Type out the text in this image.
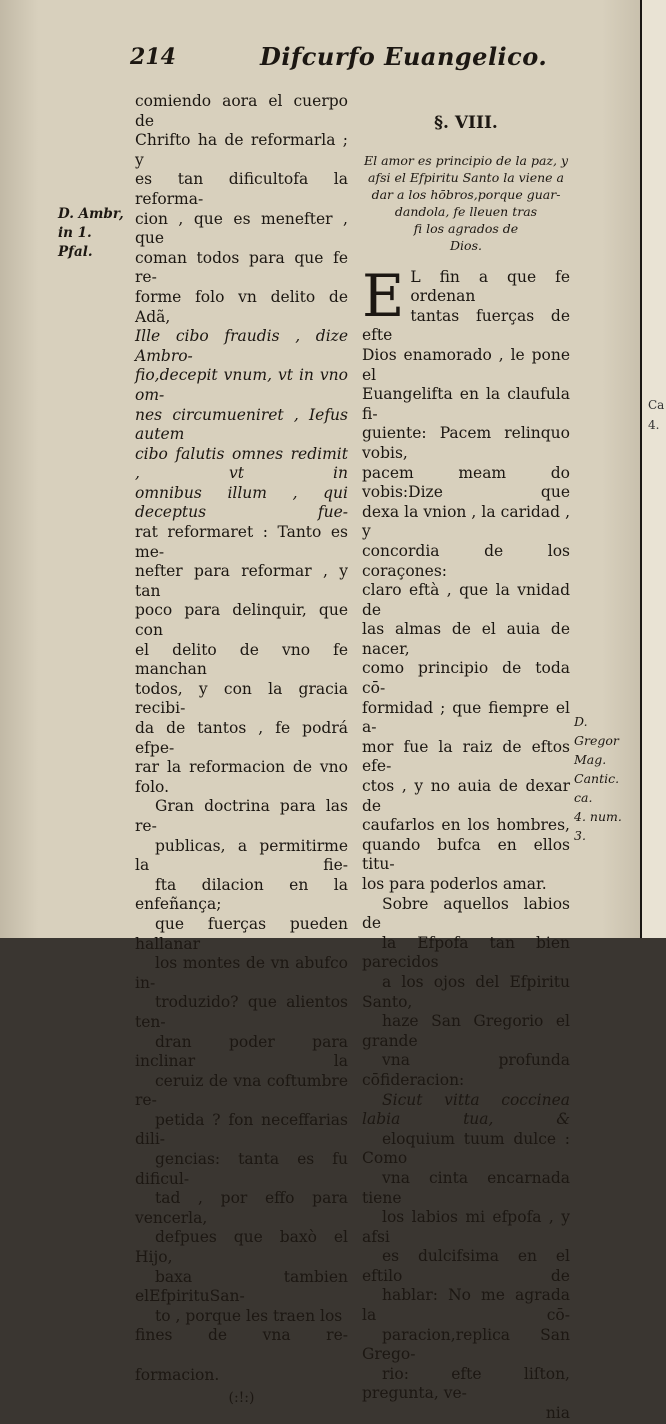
214	Difcurfo Euangelico.
D. Ambr,
in 1. Pfal.

comiendo aora el cuerpo de
Chrifto ha de reformarla ; y
es tan dificultofa la reforma-
cion , que es menefter , que
coman todos para que fe re-
forme folo vn delito de Adã,
Ille cibo fraudis , dize Ambro-
fio,decepit vnum, vt in vno om-
nes circumueniret , Iefus autem
cibo falutis omnes redimit , vt in
omnibus illum , qui deceptus fue-
rat reformaret : Tanto es me-
nefter para reformar , y tan
poco para delinquir, que con
el delito de vno fe manchan
todos, y con la gracia recibi-
da de tantos , fe podrá efpe-
rar la reformacion de vno
folo.

Gran doctrina para las re-
publicas, a permitirme la fie-
fta dilacion en la enfeñança;
que fuerças pueden hallanar
los montes de vn abufco in-
troduzido? que alientos ten-
dran poder para inclinar la
ceruiz de vna coftumbre re-
petida ? fon neceffarias dili-
gencias: tanta es fu dificul-
tad , por effo para vencerla,
defpues que baxò el Hijo,
baxa tambien elEfpirituSan-
to , porque les traen los

fines de vna re-

formacion.

(:!:)

§. VIII.

El amor es principio de la paz, y
afsi el Efpiritu Santo la viene a
dar a los hōbros,porque guar-
dandola, fe lleuen tras
fi los agrados de
Dios.

E L fin a que fe ordenan
tantas fuerças de efte
Dios enamorado , le pone el
Euangelifta en la claufula fi-
guiente: Pacem relinquo vobis,
pacem meam do vobis:Dize que
dexa la vnion , la caridad , y
concordia de los coraçones:
claro eftà , que la vnidad de
las almas de el auia de nacer,
como principio de toda cō-
formidad ; que fiempre el a-
mor fue la raiz de eftos efe-
ctos , y no auia de dexar de
caufarlos en los hombres,
quando bufca en ellos titu-
los para poderlos amar.

Sobre aquellos labios de
la Efpofa tan bien parecidos
a los ojos del Efpiritu Santo,
haze San Gregorio el grande
vna profunda cōfideracion:
Sicut vitta coccinea labia tua, &
eloquium tuum dulce : Como
vna cinta encarnada tiene
los labios mi efpofa , y afsi
es dulcifsima en el eftilo de
hablar: No me agrada la cō-
paracion,replica San Grego-
rio: efte liſton, pregunta, ve-

nia

D. Gregor
Mag.
Cantic. ca.
4. num. 3.
Ca
4.
